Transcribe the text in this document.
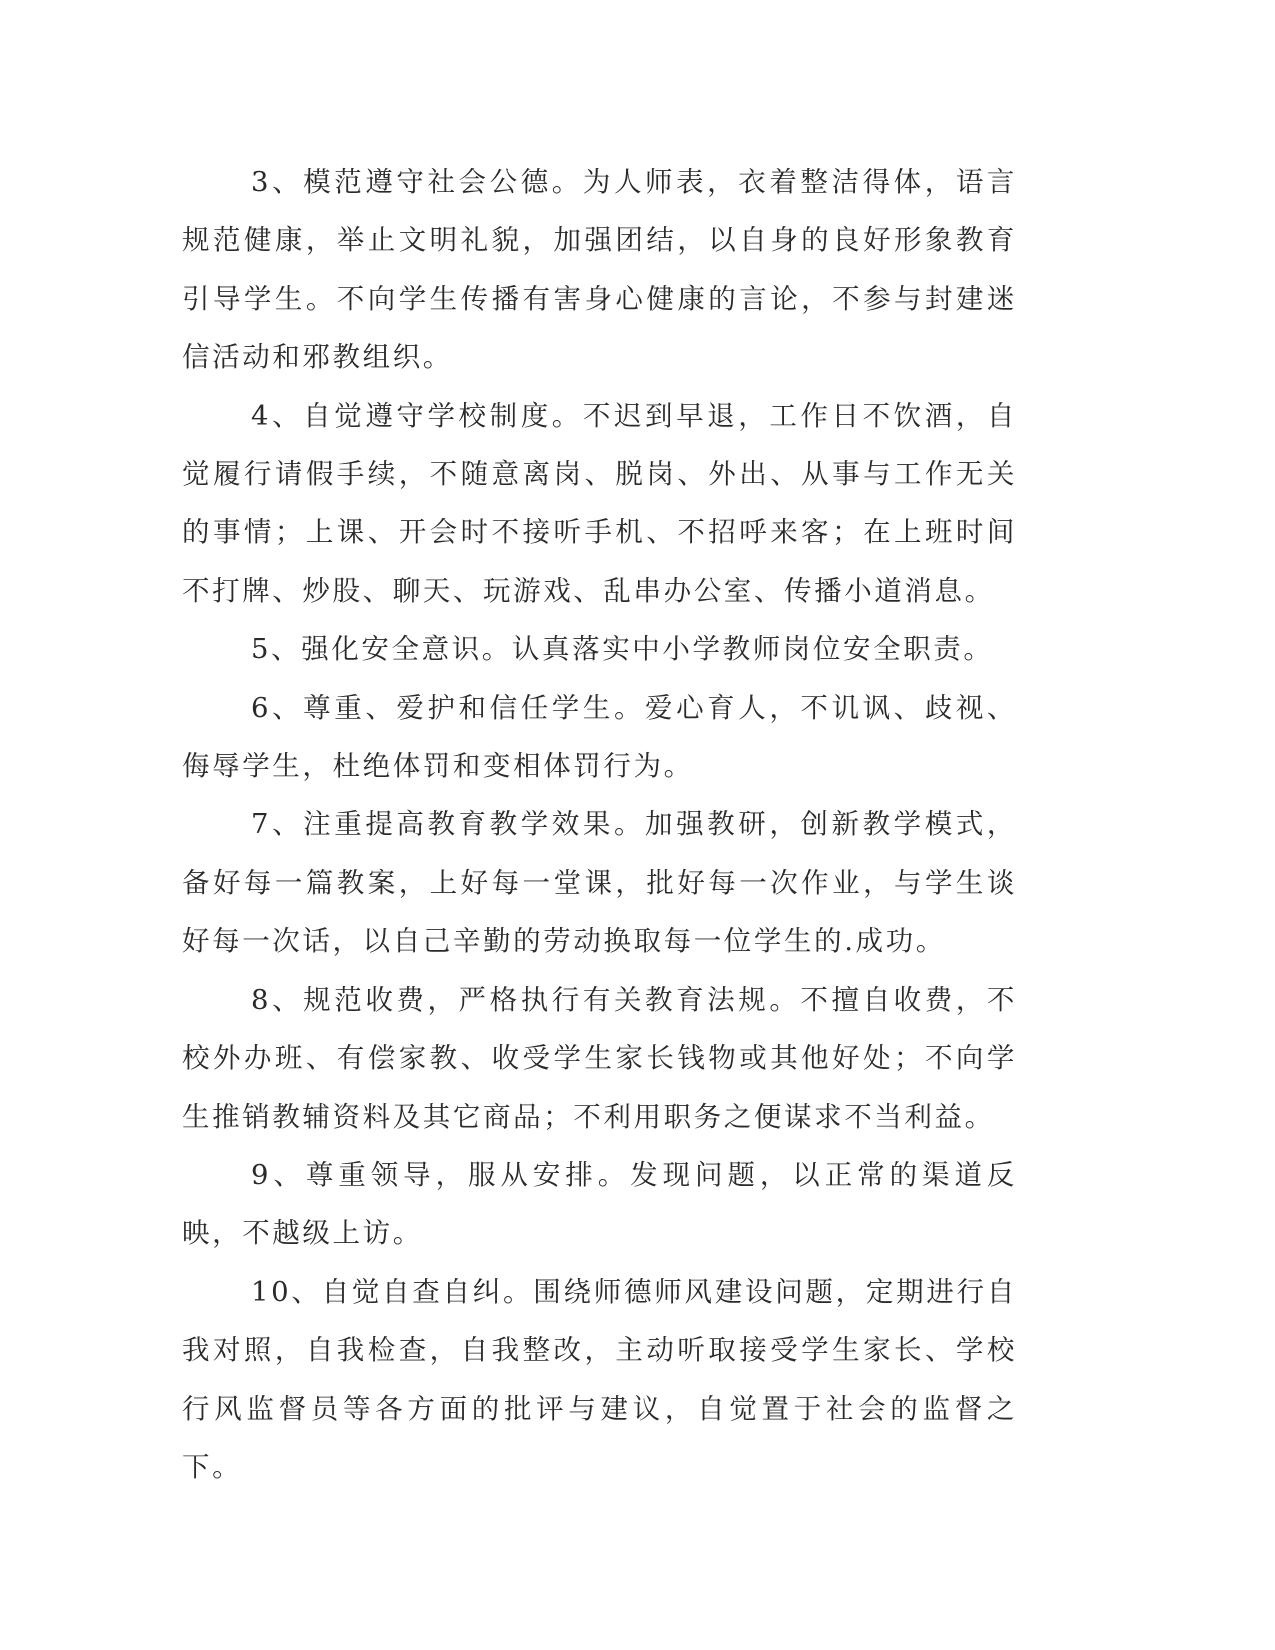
3、模范遵守社会公德。为人师表，衣着整洁得体，语言规范健康，举止文明礼貌，加强团结，以自身的良好形象教育引导学生。不向学生传播有害身心健康的言论，不参与封建迷信活动和邪教组织。

4、自觉遵守学校制度。不迟到早退，工作日不饮酒，自觉履行请假手续，不随意离岗、脱岗、外出、从事与工作无关的事情；上课、开会时不接听手机、不招呼来客；在上班时间不打牌、炒股、聊天、玩游戏、乱串办公室、传播小道消息。

5、强化安全意识。认真落实中小学教师岗位安全职责。

6、尊重、爱护和信任学生。爱心育人，不讥讽、歧视、侮辱学生，杜绝体罚和变相体罚行为。

7、注重提高教育教学效果。加强教研，创新教学模式，备好每一篇教案，上好每一堂课，批好每一次作业，与学生谈好每一次话，以自己辛勤的劳动换取每一位学生的.成功。

8、规范收费，严格执行有关教育法规。不擅自收费，不校外办班、有偿家教、收受学生家长钱物或其他好处；不向学生推销教辅资料及其它商品；不利用职务之便谋求不当利益。

9、尊重领导，服从安排。发现问题，以正常的渠道反映，不越级上访。

10、自觉自查自纠。围绕师德师风建设问题，定期进行自我对照，自我检查，自我整改，主动听取接受学生家长、学校行风监督员等各方面的批评与建议，自觉置于社会的监督之下。
